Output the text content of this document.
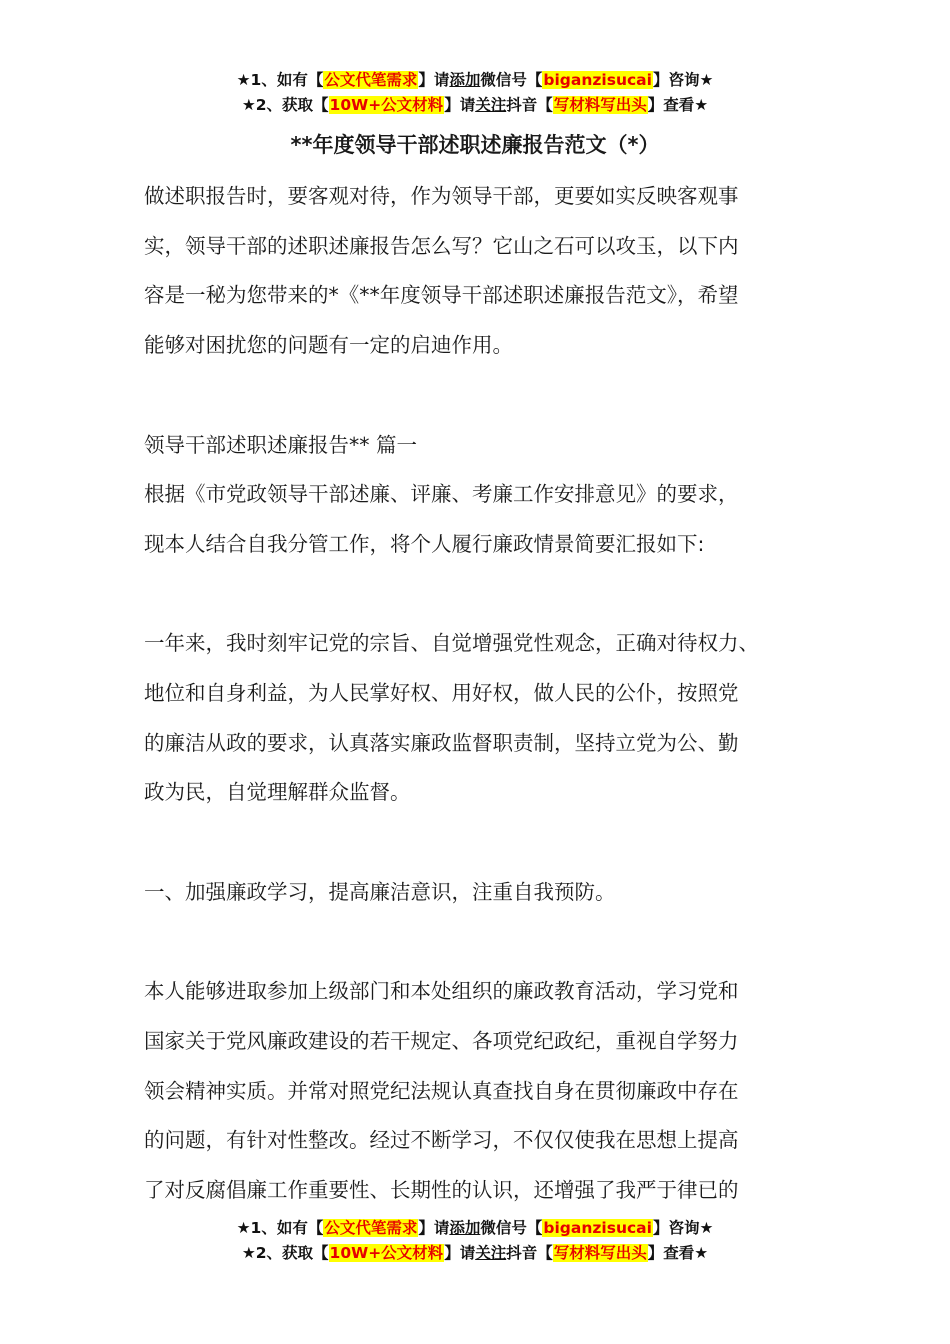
★1、如有【公文代笔需求】请添加微信号【biganzisucai】咨询★
★2、获取【10W+公文材料】请关注抖音【写材料写出头】查看★
**年度领导干部述职述廉报告范文（*）

做述职报告时，要客观对待，作为领导干部，更要如实反映客观事

实，领导干部的述职述廉报告怎么写？它山之石可以攻玉，以下内

容是一秘为您带来的*《**年度领导干部述职述廉报告范文》，希望

能够对困扰您的问题有一定的启迪作用。

领导干部述职述廉报告** 篇一

根据《市党政领导干部述廉、评廉、考廉工作安排意见》的要求，

现本人结合自我分管工作，将个人履行廉政情景简要汇报如下:

一年来，我时刻牢记党的宗旨、自觉增强党性观念，正确对待权力、

地位和自身利益，为人民掌好权、用好权，做人民的公仆，按照党

的廉洁从政的要求，认真落实廉政监督职责制，坚持立党为公、勤

政为民，自觉理解群众监督。

一、加强廉政学习，提高廉洁意识，注重自我预防。

本人能够进取参加上级部门和本处组织的廉政教育活动，学习党和

国家关于党风廉政建设的若干规定、各项党纪政纪，重视自学努力

领会精神实质。并常对照党纪法规认真查找自身在贯彻廉政中存在

的问题，有针对性整改。经过不断学习，不仅仅使我在思想上提高

了对反腐倡廉工作重要性、长期性的认识，还增强了我严于律已的

★1、如有【公文代笔需求】请添加微信号【biganzisucai】咨询★
★2、获取【10W+公文材料】请关注抖音【写材料写出头】查看★
